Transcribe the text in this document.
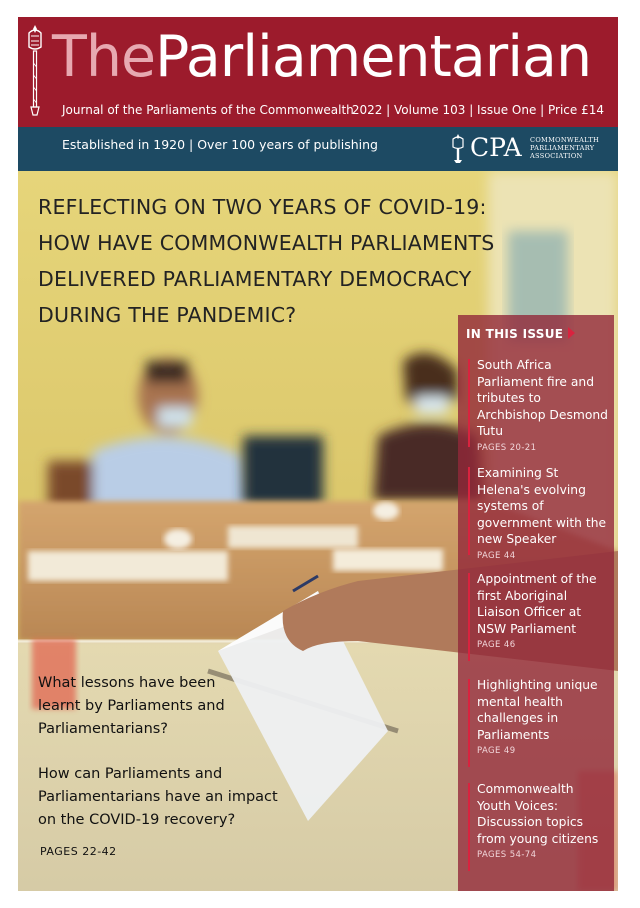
TheParliamentarian
Journal of the Parliaments of the Commonwealth
2022 | Volume 103 | Issue One | Price £14
Established in 1920 | Over 100 years of publishing	CPA COMMONWEALTH
PARLIAMENTARY
ASSOCIATION
REFLECTING ON TWO YEARS OF COVID-19:
HOW HAVE COMMONWEALTH PARLIAMENTS
DELIVERED PARLIAMENTARY DEMOCRACY
DURING THE PANDEMIC?
What lessons have been learnt by Parliaments and Parliamentarians?
How can Parliaments and Parliamentarians have an impact on the COVID-19 recovery?
PAGES 22-42
IN THIS ISSUE
South Africa Parliament fire and tributes to Archbishop Desmond Tutu
PAGES 20-21
Examining St Helena's evolving systems of government with the new Speaker
PAGE 44
Appointment of the first Aboriginal Liaison Officer at NSW Parliament
PAGE 46
Highlighting unique mental health challenges in Parliaments
PAGE 49
Commonwealth Youth Voices: Discussion topics from young citizens
PAGES 54-74
